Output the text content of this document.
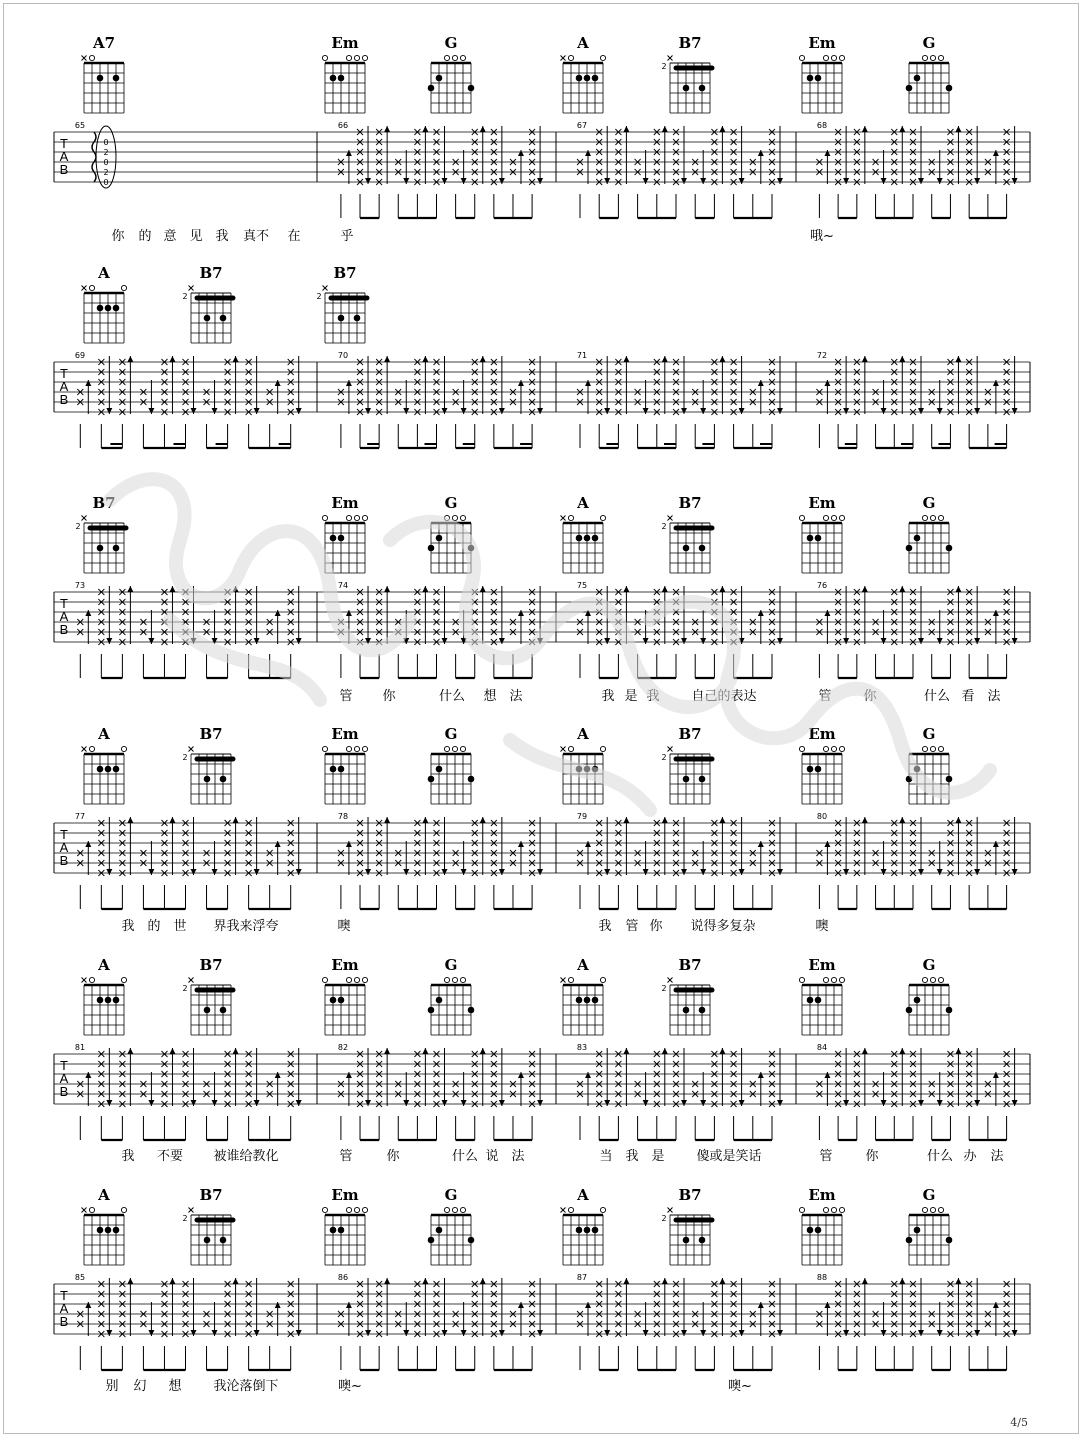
A7	Em	G	A	B7
2
Em	G
T
A
B
65
0
2
0
2
0
66	67	68
你 的 意 见 我 真不 在	乎	哦~
A	B7
2
B7
2
T
A
B
69	70	71	72
B7
2
Em	G	A	B7
2
Em	G
T
A
B
73	74	75	76
管 你	什么 想 法	我 是 我 自己的表达	管 你	什么 看 法
A	B7
2
Em	G	A	B7
2
Em	G
T
A
B
77	78	79	80
我 的 世 界我来浮夸	噢	我 管 你 说得多复杂	噢
A	B7
2
Em	G	A	B7
2
Em	G
T
A
B
81	82	83	84
我 不要 被谁给教化	管	你	什么 说 法	当 我 是 傻或是笑话	管	你	什么 办 法
A	B7
2
Em	G	A	B7
2
Em	G
T
A
B
85	86	87	88
别 幻 想 我沦落倒下	噢~	噢~
4/5
